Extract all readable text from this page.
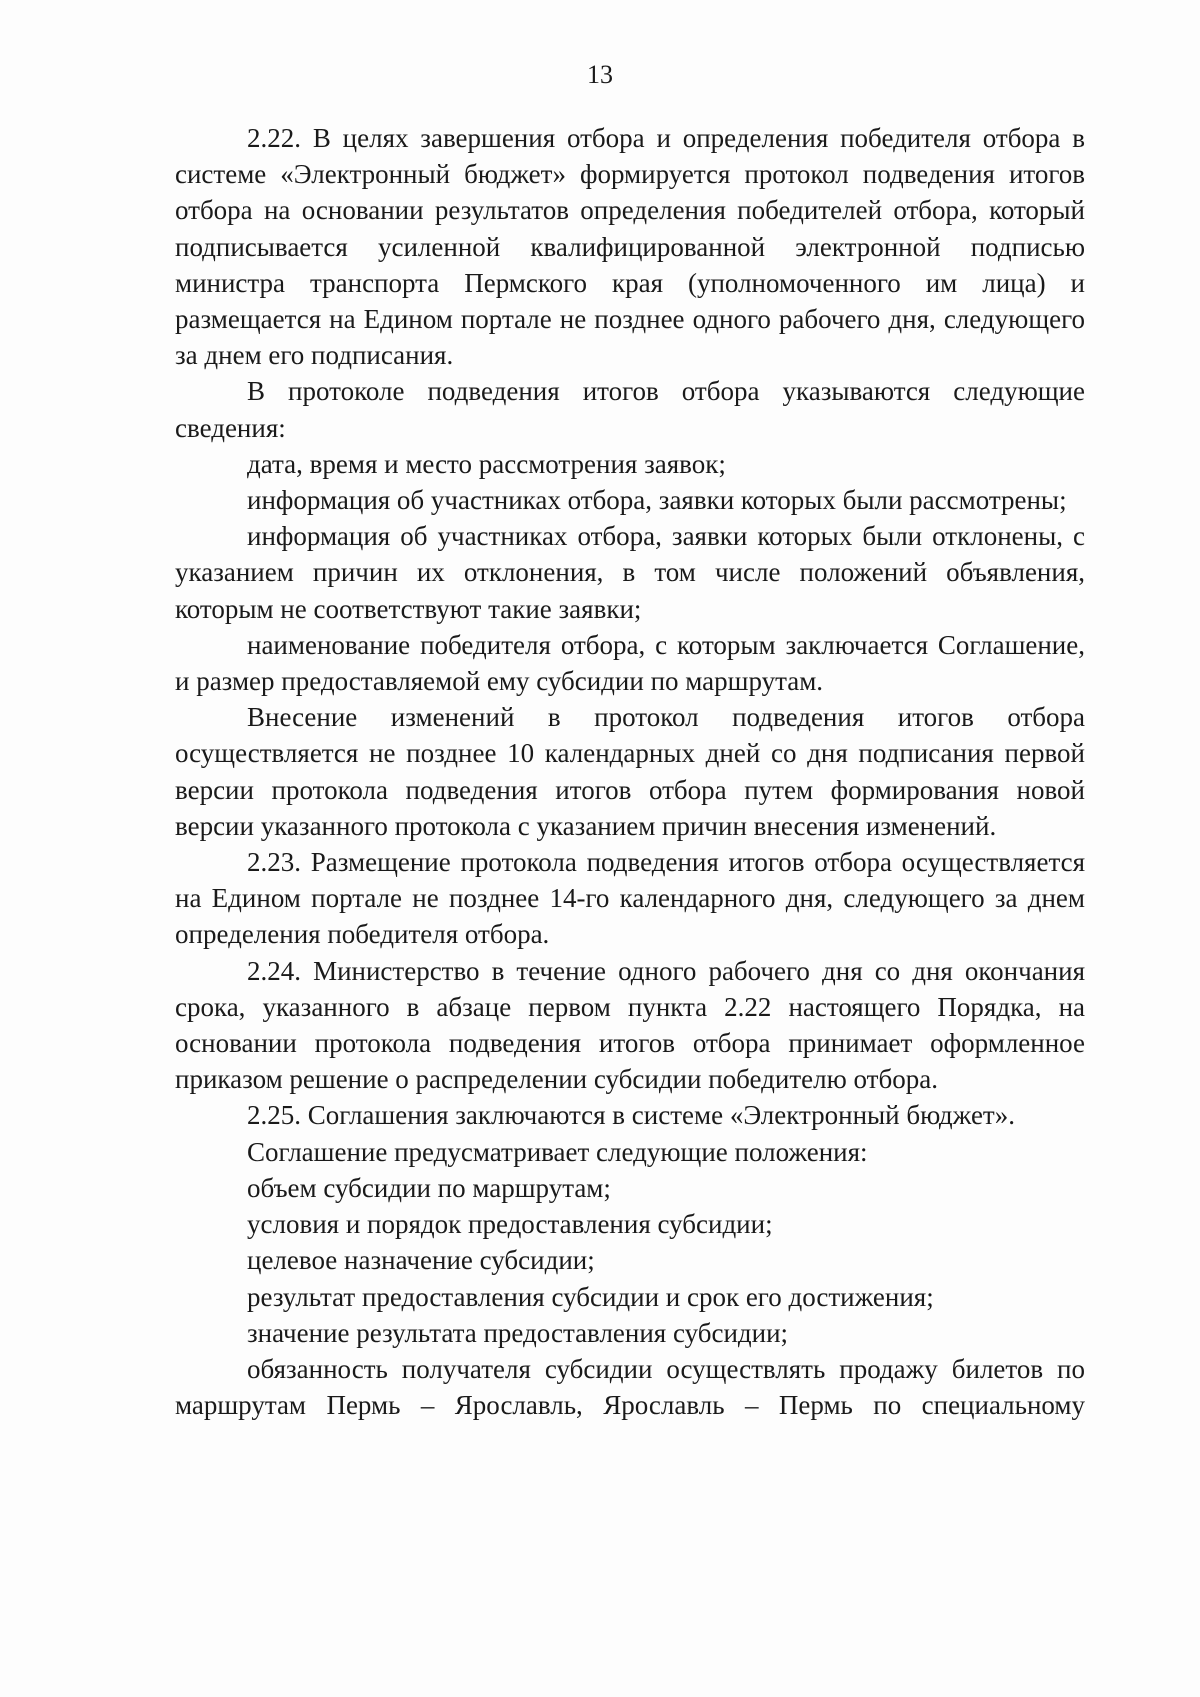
13

2.22. В целях завершения отбора и определения победителя отбора в системе «Электронный бюджет» формируется протокол подведения итогов отбора на основании результатов определения победителей отбора, который подписывается усиленной квалифицированной электронной подписью министра транспорта Пермского края (уполномоченного им лица) и размещается на Едином портале не позднее одного рабочего дня, следующего за днем его подписания.

В протоколе подведения итогов отбора указываются следующие сведения:

дата, время и место рассмотрения заявок;

информация об участниках отбора, заявки которых были рассмотрены;

информация об участниках отбора, заявки которых были отклонены, с указанием причин их отклонения, в том числе положений объявления, которым не соответствуют такие заявки;

наименование победителя отбора, с которым заключается Соглашение, и размер предоставляемой ему субсидии по маршрутам.

Внесение изменений в протокол подведения итогов отбора осуществляется не позднее 10 календарных дней со дня подписания первой версии протокола подведения итогов отбора путем формирования новой версии указанного протокола с указанием причин внесения изменений.

2.23. Размещение протокола подведения итогов отбора осуществляется на Едином портале не позднее 14-го календарного дня, следующего за днем определения победителя отбора.

2.24. Министерство в течение одного рабочего дня со дня окончания срока, указанного в абзаце первом пункта 2.22 настоящего Порядка, на основании протокола подведения итогов отбора принимает оформленное приказом решение о распределении субсидии победителю отбора.

2.25. Соглашения заключаются в системе «Электронный бюджет».

Соглашение предусматривает следующие положения:

объем субсидии по маршрутам;

условия и порядок предоставления субсидии;

целевое назначение субсидии;

результат предоставления субсидии и срок его достижения;

значение результата предоставления субсидии;

обязанность получателя субсидии осуществлять продажу билетов по маршрутам Пермь – Ярославль, Ярославль – Пермь по специальному
